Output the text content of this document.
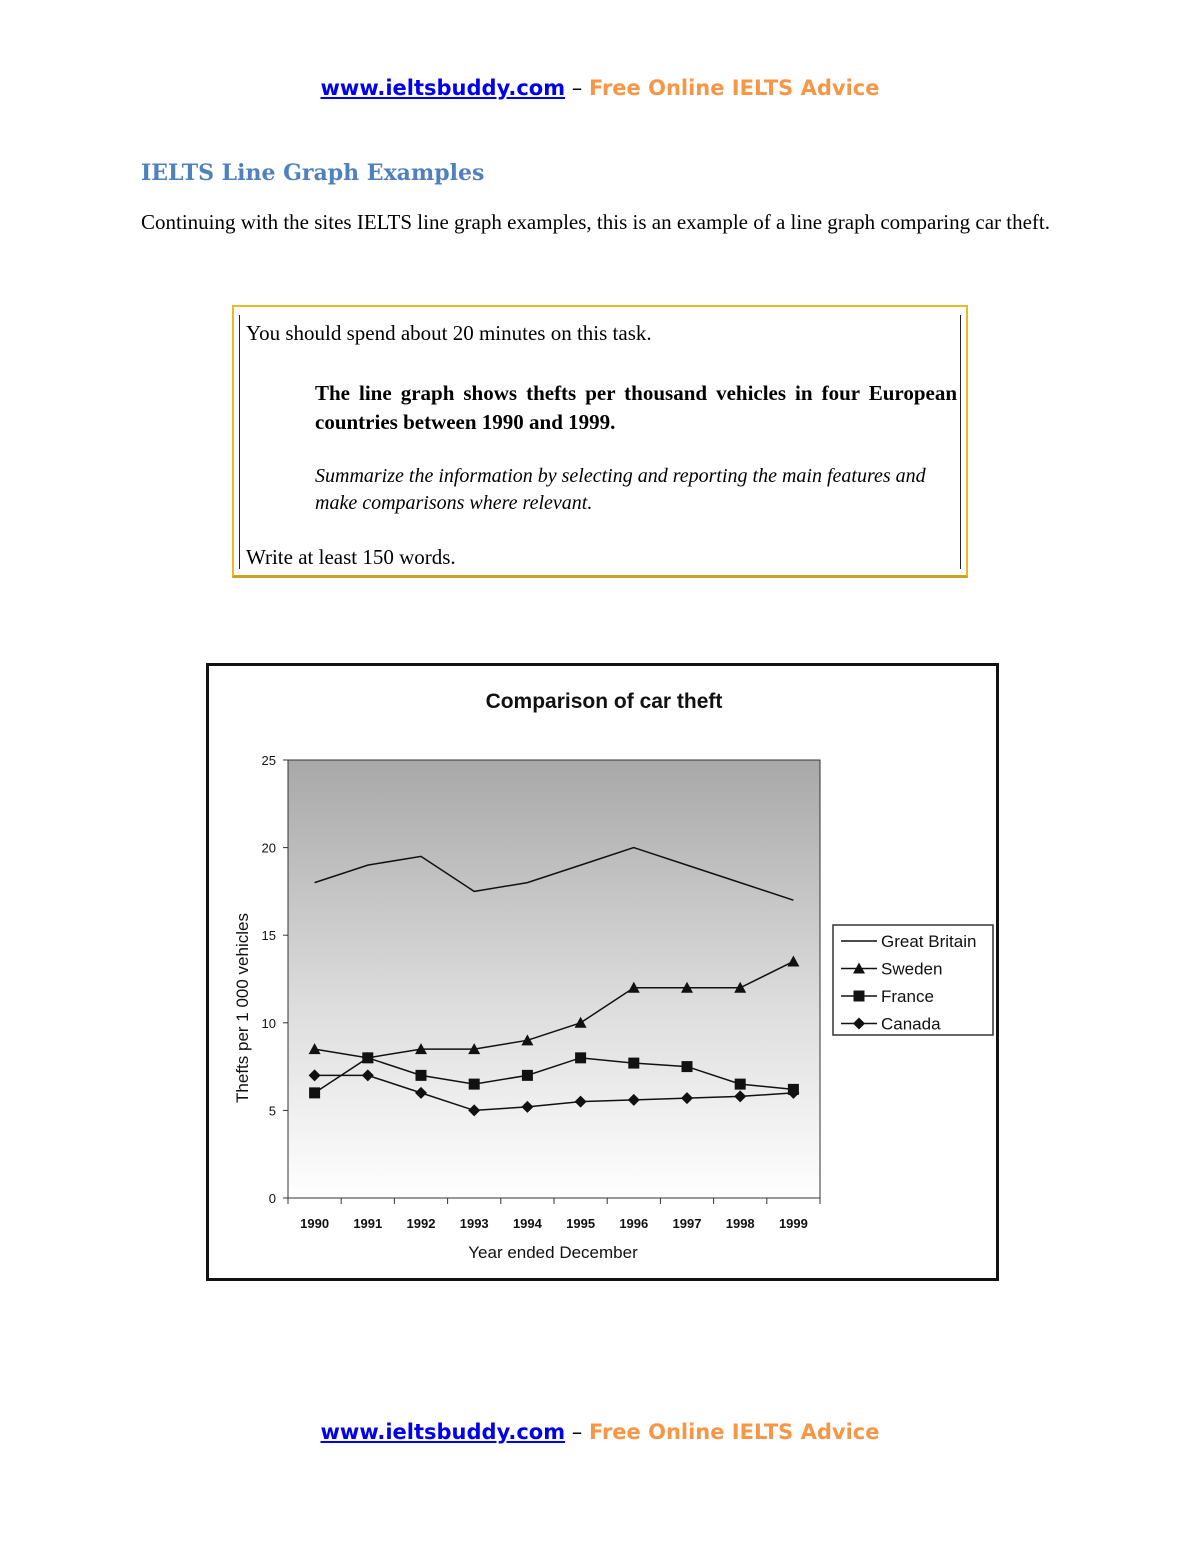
www.ieltsbuddy.com – Free Online IELTS Advice
IELTS Line Graph Examples
Continuing with the sites IELTS line graph examples, this is an example of a line graph comparing car theft.
You should spend about 20 minutes on this task.
The line graph shows thefts per thousand vehicles in four European countries between 1990 and 1999.
Summarize the information by selecting and reporting the main features and make comparisons where relevant.
Write at least 150 words.
Comparison of car theft
0
5
10
15
20
25
1990 1991 1992 1993 1994 1995 1996 1997 1998 1999
Year ended December
Thefts per 1 000 vehicles	Great Britain
Sweden
France
Canada
www.ieltsbuddy.com – Free Online IELTS Advice
